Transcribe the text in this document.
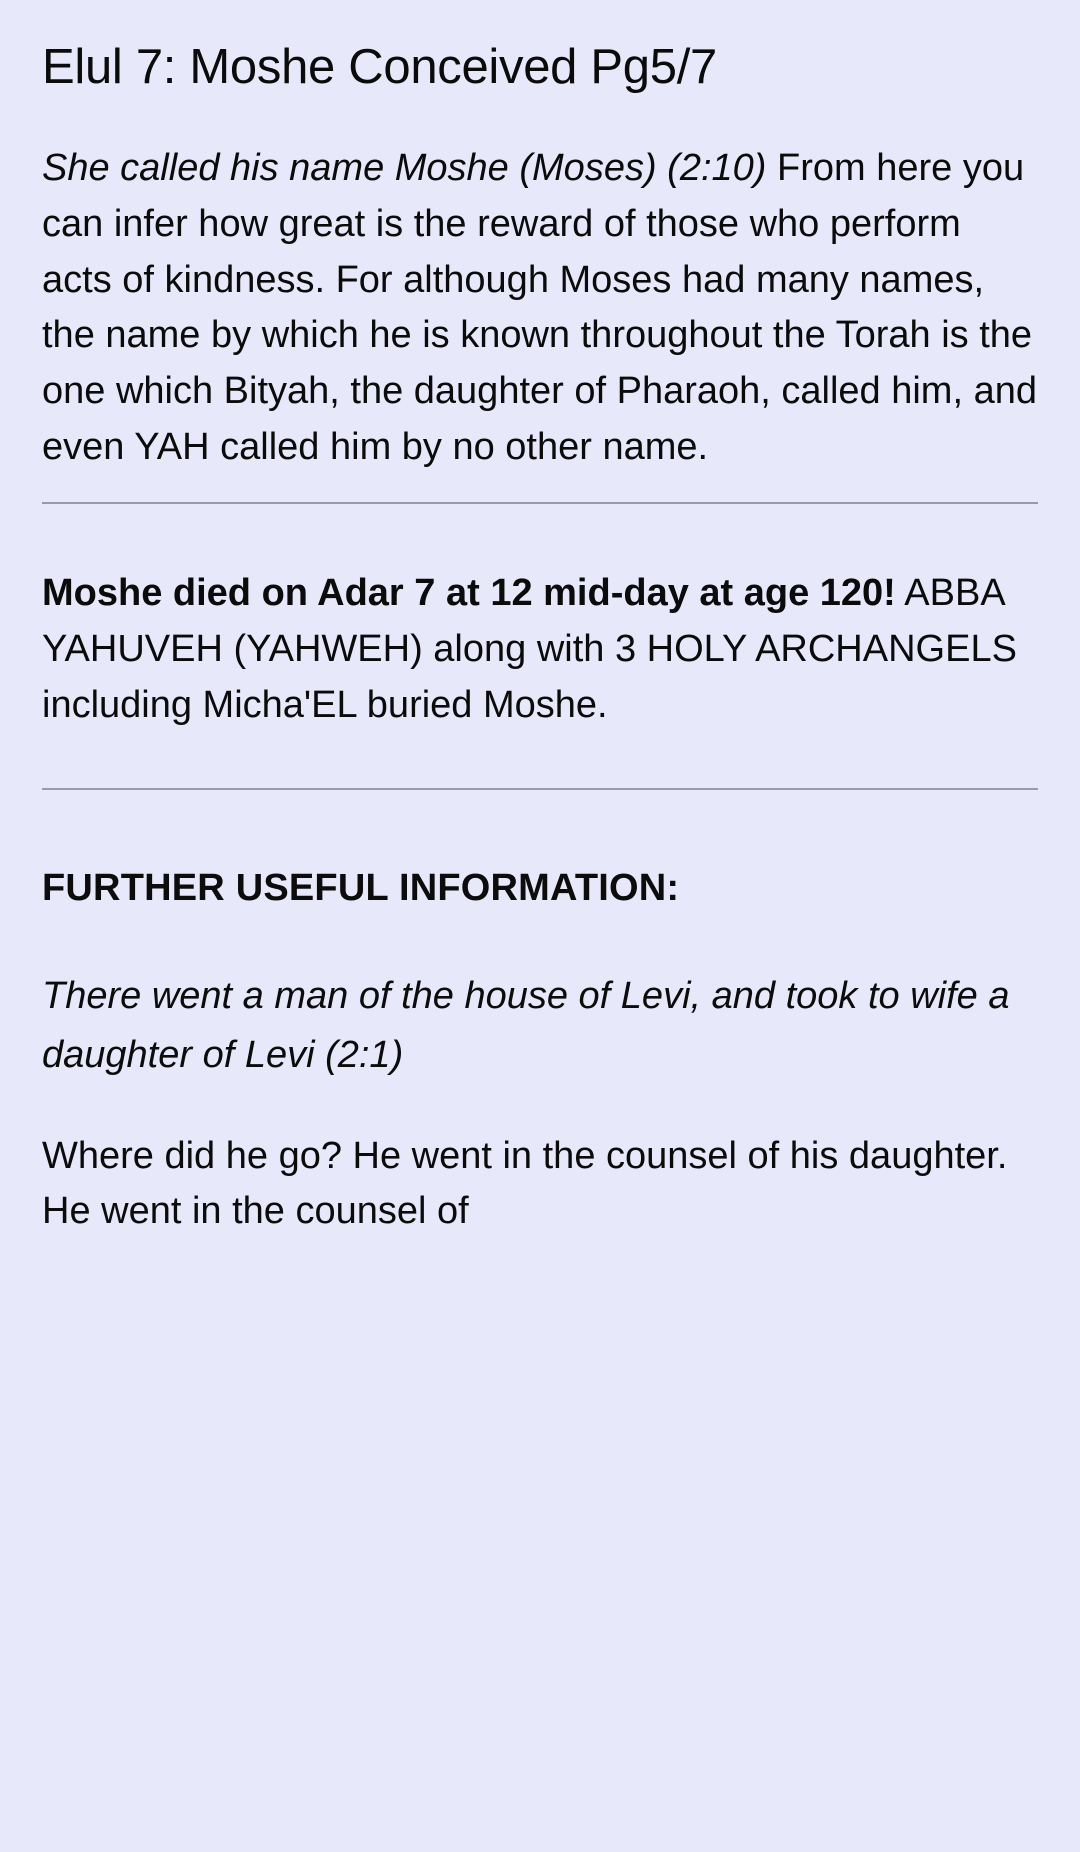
Elul 7: Moshe Conceived Pg5/7

She called his name Moshe (Moses) (2:10) From here you can infer how great is the reward of those who perform acts of kindness. For although Moses had many names, the name by which he is known throughout the Torah is the one which Bityah, the daughter of Pharaoh, called him, and even YAH called him by no other name.

Moshe died on Adar 7 at 12 mid-day at age 120! ABBA YAHUVEH (YAHWEH) along with 3 HOLY ARCHANGELS including Micha'EL buried Moshe.

FURTHER USEFUL INFORMATION:

There went a man of the house of Levi, and took to wife a daughter of Levi (2:1)

Where did he go? He went in the counsel of his daughter.

He went in the counsel of
